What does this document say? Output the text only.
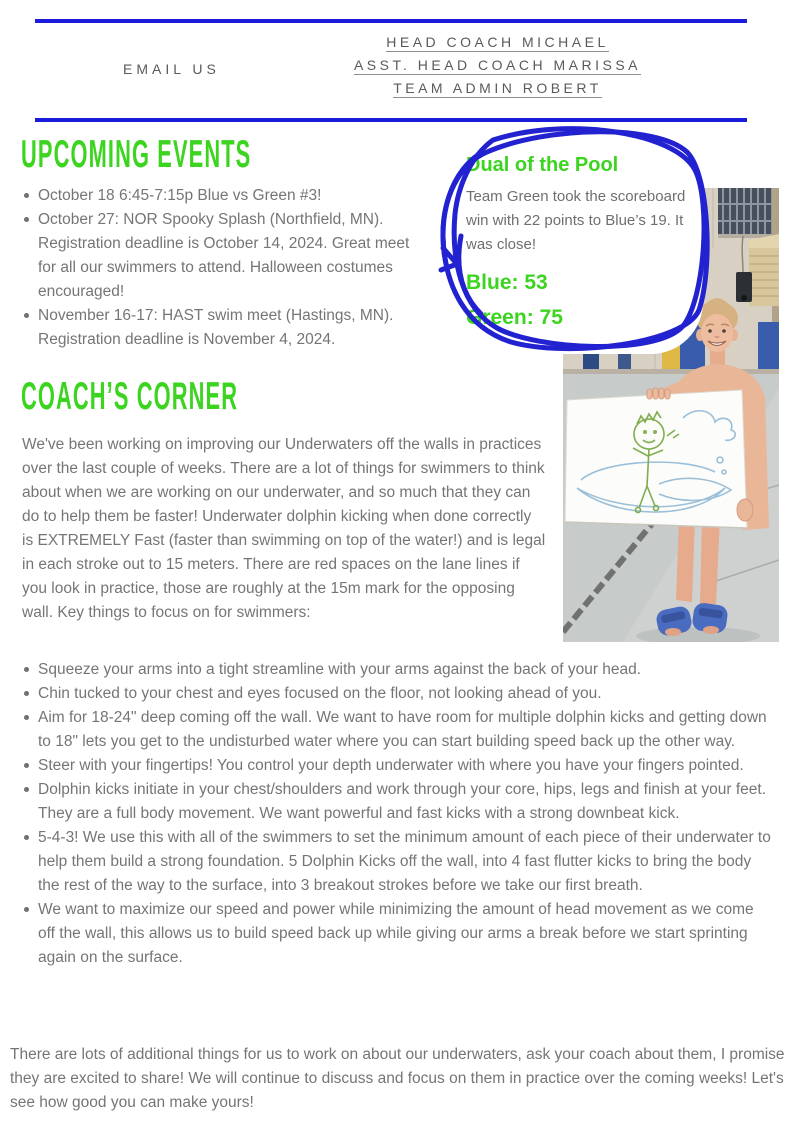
EMAIL US
HEAD COACH MICHAEL
ASST. HEAD COACH MARISSA
TEAM ADMIN ROBERT
UPCOMING EVENTS
October 18 6:45-7:15p Blue vs Green #3!
October 27: NOR Spooky Splash (Northfield, MN). Registration deadline is October 14, 2024. Great meet for all our swimmers to attend. Halloween costumes encouraged!
November 16-17: HAST swim meet (Hastings, MN). Registration deadline is November 4, 2024.
Dual of the Pool
Team Green took the scoreboard win with 22 points to Blue’s 19. It was close!
Blue: 53
Green: 75
COACH’S CORNER

We've been working on improving our Underwaters off the walls in practices over the last couple of weeks. There are a lot of things for swimmers to think about when we are working on our underwater, and so much that they can do to help them be faster! Underwater dolphin kicking when done correctly is EXTREMELY Fast (faster than swimming on top of the water!) and is legal in each stroke out to 15 meters. There are red spaces on the lane lines if you look in practice, those are roughly at the 15m mark for the opposing wall. Key things to focus on for swimmers:

Squeeze your arms into a tight streamline with your arms against the back of your head.
Chin tucked to your chest and eyes focused on the floor, not looking ahead of you.
Aim for 18-24" deep coming off the wall. We want to have room for multiple dolphin kicks and getting down to 18" lets you get to the undisturbed water where you can start building speed back up the other way.
Steer with your fingertips! You control your depth underwater with where you have your fingers pointed.
Dolphin kicks initiate in your chest/shoulders and work through your core, hips, legs and finish at your feet. They are a full body movement. We want powerful and fast kicks with a strong downbeat kick.
5-4-3! We use this with all of the swimmers to set the minimum amount of each piece of their underwater to help them build a strong foundation. 5 Dolphin Kicks off the wall, into 4 fast flutter kicks to bring the body the rest of the way to the surface, into 3 breakout strokes before we take our first breath.
We want to maximize our speed and power while minimizing the amount of head movement as we come off the wall, this allows us to build speed back up while giving our arms a break before we start sprinting again on the surface.

There are lots of additional things for us to work on about our underwaters, ask your coach about them, I promise they are excited to share! We will continue to discuss and focus on them in practice over the coming weeks! Let's see how good you can make yours!
